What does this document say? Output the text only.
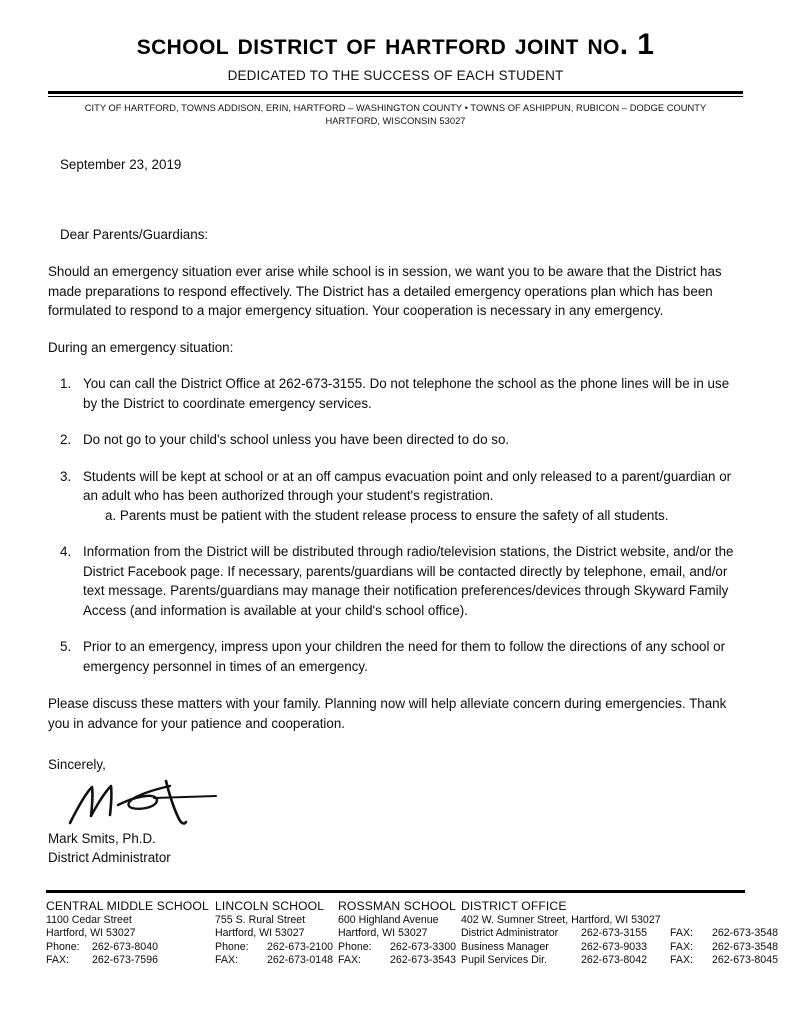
school district of hartford joint no. 1
DEDICATED TO THE SUCCESS OF EACH STUDENT
CITY OF HARTFORD, TOWNS ADDISON, ERIN, HARTFORD – WASHINGTON COUNTY • TOWNS OF ASHIPPUN, RUBICON – DODGE COUNTY
HARTFORD, WISCONSIN 53027
September 23, 2019
Dear Parents/Guardians:

Should an emergency situation ever arise while school is in session, we want you to be aware that the District has made preparations to respond effectively. The District has a detailed emergency operations plan which has been formulated to respond to a major emergency situation. Your cooperation is necessary in any emergency.

During an emergency situation:

1. You can call the District Office at 262-673-3155. Do not telephone the school as the phone lines will be in use by the District to coordinate emergency services.
2. Do not go to your child's school unless you have been directed to do so.
3. Students will be kept at school or at an off campus evacuation point and only released to a parent/guardian or an adult who has been authorized through your student's registration.
a. Parents must be patient with the student release process to ensure the safety of all students.
4. Information from the District will be distributed through radio/television stations, the District website, and/or the District Facebook page. If necessary, parents/guardians will be contacted directly by telephone, email, and/or text message. Parents/guardians may manage their notification preferences/devices through Skyward Family Access (and information is available at your child's school office).
5. Prior to an emergency, impress upon your children the need for them to follow the directions of any school or emergency personnel in times of an emergency.

Please discuss these matters with your family. Planning now will help alleviate concern during emergencies. Thank you in advance for your patience and cooperation.

Sincerely,
Mark Smits, Ph.D.
District Administrator
CENTRAL MIDDLE SCHOOL
1100 Cedar Street
Hartford, WI 53027
Phone: 262-673-8040
FAX: 262-673-7596
LINCOLN SCHOOL
755 S. Rural Street
Hartford, WI 53027
Phone: 262-673-2100
FAX:	262-673-0148
ROSSMAN SCHOOL
600 Highland Avenue
Hartford, WI 53027
Phone: 262-673-3300
FAX:	262-673-3543
DISTRICT OFFICE
402 W. Sumner Street, Hartford, WI 53027
District Administrator	262-673-3155	FAX:	262-673-3548
Business Manager	262-673-9033	FAX:	262-673-3548
Pupil Services Dir.	262-673-8042	FAX:	262-673-8045
